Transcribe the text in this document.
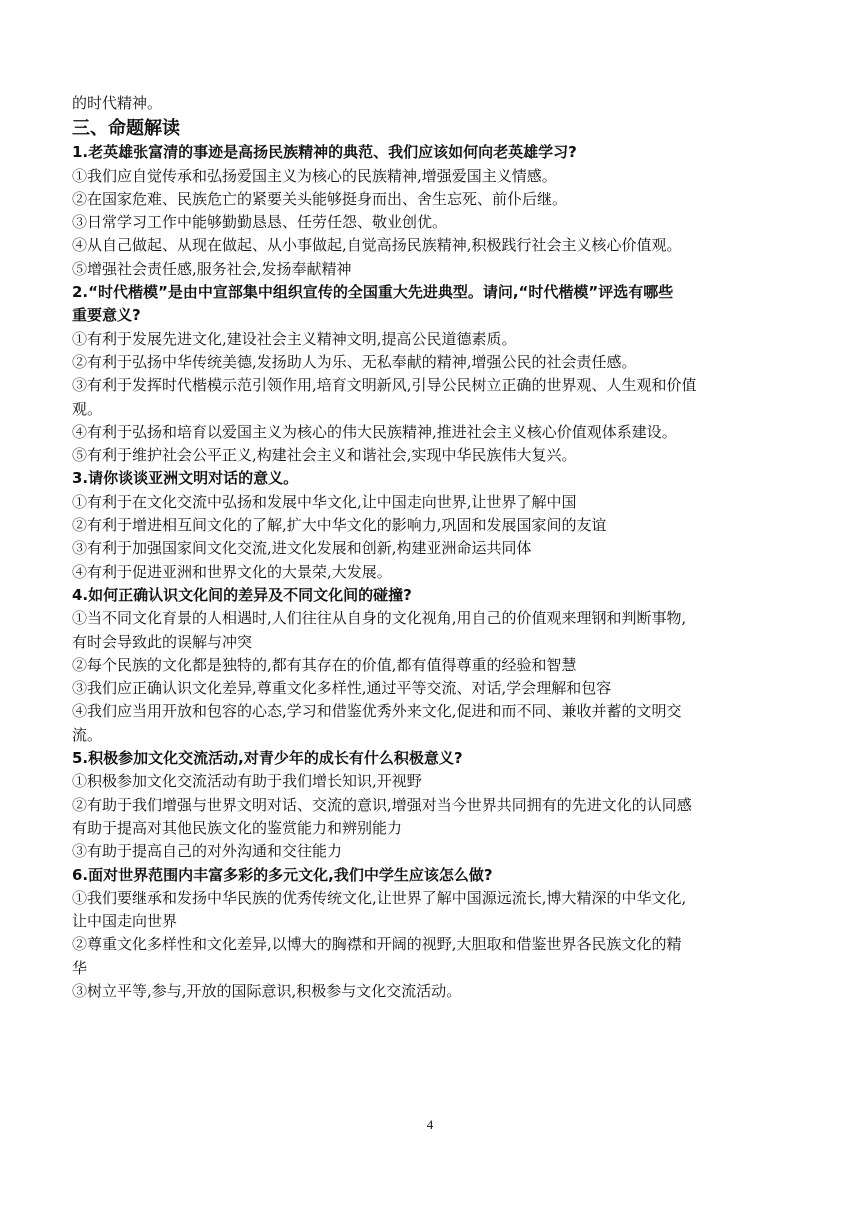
的时代精神。
三、命题解读
1.老英雄张富清的事迹是高扬民族精神的典范、我们应该如何向老英雄学习?
①我们应自觉传承和弘扬爱国主义为核心的民族精神,增强爱国主义情感。
②在国家危难、民族危亡的紧要关头能够挺身而出、舍生忘死、前仆后继。
③日常学习工作中能够勤勤恳恳、任劳任怨、敬业创优。
④从自己做起、从现在做起、从小事做起,自觉高扬民族精神,积极践行社会主义核心价值观。
⑤增强社会责任感,服务社会,发扬奉献精神
2.“时代楷模”是由中宣部集中组织宣传的全国重大先进典型。请问,“时代楷模”评选有哪些
重要意义?
①有利于发展先进文化,建设社会主义精神文明,提高公民道德素质。
②有利于弘扬中华传统美德,发扬助人为乐、无私奉献的精神,增强公民的社会责任感。
③有利于发挥时代楷模示范引领作用,培育文明新风,引导公民树立正确的世界观、人生观和价值
观。
④有利于弘扬和培育以爱国主义为核心的伟大民族精神,推进社会主义核心价值观体系建设。
⑤有利于维护社会公平正义,构建社会主义和谐社会,实现中华民族伟大复兴。
3.请你谈谈亚洲文明对话的意义。
①有利于在文化交流中弘扬和发展中华文化,让中国走向世界,让世界了解中国
②有利于增进相互间文化的了解,扩大中华文化的影响力,巩固和发展国家间的友谊
③有利于加强国家间文化交流,进文化发展和创新,构建亚洲命运共同体
④有利于促进亚洲和世界文化的大景荣,大发展。
4.如何正确认识文化间的差异及不同文化间的碰撞?
①当不同文化育景的人相遇时,人们往往从自身的文化视角,用自己的价值观来理钢和判断事物,
有时会导致此的误解与冲突
②每个民族的文化都是独特的,都有其存在的价值,都有值得尊重的经验和智慧
③我们应正确认识文化差异,尊重文化多样性,通过平等交流、对话,学会理解和包容
④我们应当用开放和包容的心态,学习和借鉴优秀外来文化,促进和而不同、兼收并蓄的文明交
流。
5.积极参加文化交流活动,对青少年的成长有什么积极意义?
①积极参加文化交流活动有助于我们增长知识,开视野
②有助于我们增强与世界文明对话、交流的意识,增强对当今世界共同拥有的先进文化的认同感
有助于提高对其他民族文化的鉴赏能力和辨别能力
③有助于提高自己的对外沟通和交往能力
6.面对世界范围内丰富多彩的多元文化,我们中学生应该怎么做?
①我们要继承和发扬中华民族的优秀传统文化,让世界了解中国源远流长,博大精深的中华文化,
让中国走向世界
②尊重文化多样性和文化差异,以博大的胸襟和开阔的视野,大胆取和借鉴世界各民族文化的精
华
③树立平等,参与,开放的国际意识,积极参与文化交流活动。
4
